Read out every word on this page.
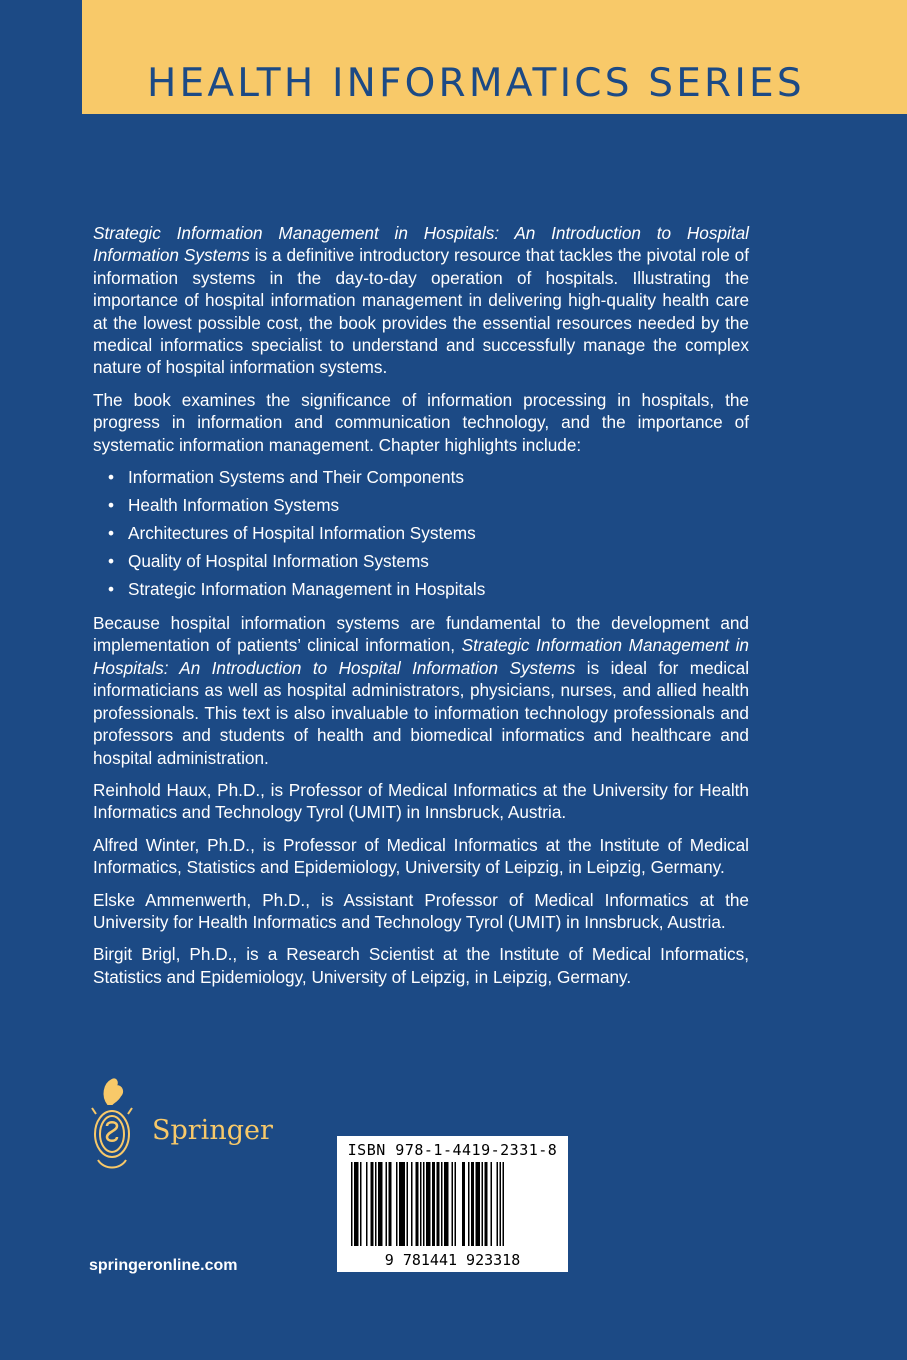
HEALTH INFORMATICS SERIES

Strategic Information Management in Hospitals: An Introduction to Hospital Information Systems is a definitive introductory resource that tackles the pivotal role of information systems in the day-to-day operation of hospitals. Illustrating the importance of hospital information management in delivering high-quality health care at the lowest possible cost, the book provides the essential resources needed by the medical informatics specialist to understand and successfully manage the complex nature of hospital information systems.

The book examines the significance of information processing in hospitals, the progress in information and communication technology, and the importance of systematic information management. Chapter highlights include:

• Information Systems and Their Components
• Health Information Systems
• Architectures of Hospital Information Systems
• Quality of Hospital Information Systems
• Strategic Information Management in Hospitals

Because hospital information systems are fundamental to the development and implementation of patients’ clinical information, Strategic Information Management in Hospitals: An Introduction to Hospital Information Systems is ideal for medical informaticians as well as hospital administrators, physicians, nurses, and allied health professionals. This text is also invaluable to information technology professionals and professors and students of health and biomedical informatics and healthcare and hospital administration.

Reinhold Haux, Ph.D., is Professor of Medical Informatics at the University for Health Informatics and Technology Tyrol (UMIT) in Innsbruck, Austria.

Alfred Winter, Ph.D., is Professor of Medical Informatics at the Institute of Medical Informatics, Statistics and Epidemiology, University of Leipzig, in Leipzig, Germany.

Elske Ammenwerth, Ph.D., is Assistant Professor of Medical Informatics at the University for Health Informatics and Technology Tyrol (UMIT) in Innsbruck, Austria.

Birgit Brigl, Ph.D., is a Research Scientist at the Institute of Medical Informatics, Statistics and Epidemiology, University of Leipzig, in Leipzig, Germany.

Springer
springeronline.com
ISBN 978-1-4419-2331-8
9 781441 923318
